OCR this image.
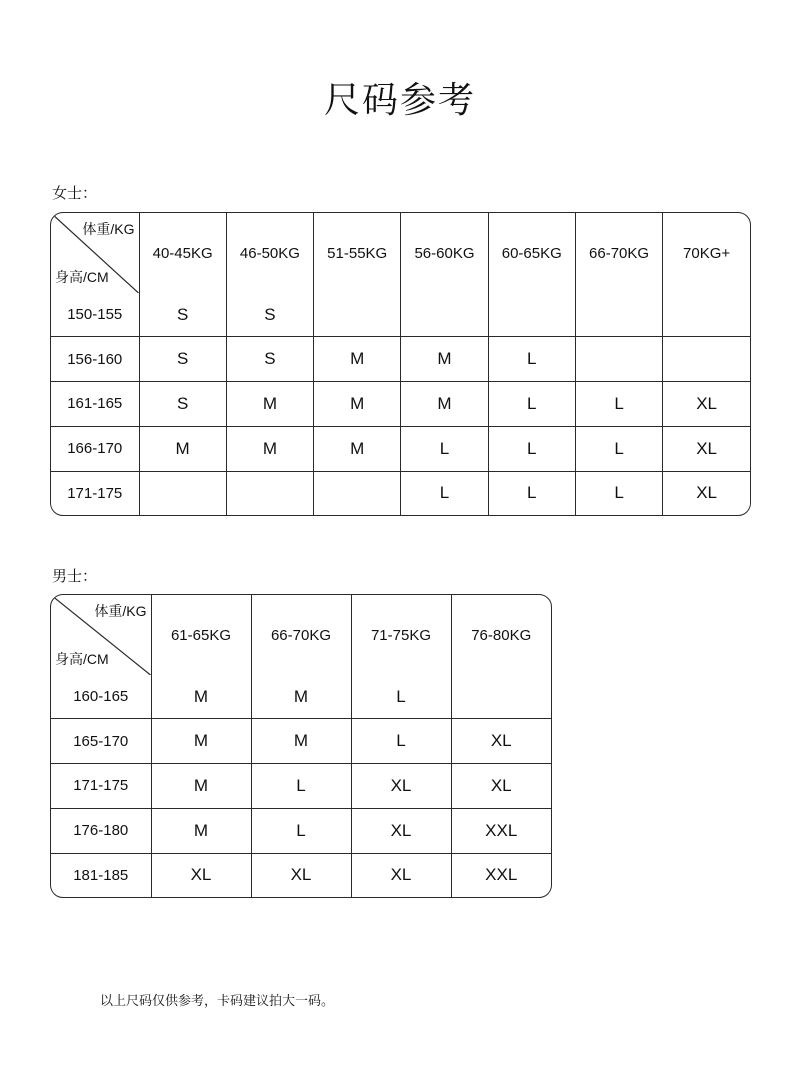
尺码参考
女士：
体重/KG
身高/CM	40-45KG	46-50KG	51-55KG	56-60KG	60-65KG	66-70KG	70KG+
150-155	S	S					
156-160	S	S	M	M	L		
161-165	S	M	M	M	L	L	XL
166-170	M	M	M	L	L	L	XL
171-175				L	L	L	XL
男士：
体重/KG
身高/CM	61-65KG	66-70KG	71-75KG	76-80KG
160-165	M	M	L	
165-170	M	M	L	XL
171-175	M	L	XL	XL
176-180	M	L	XL	XXL
181-185	XL	XL	XL	XXL
以上尺码仅供参考，卡码建议拍大一码。
